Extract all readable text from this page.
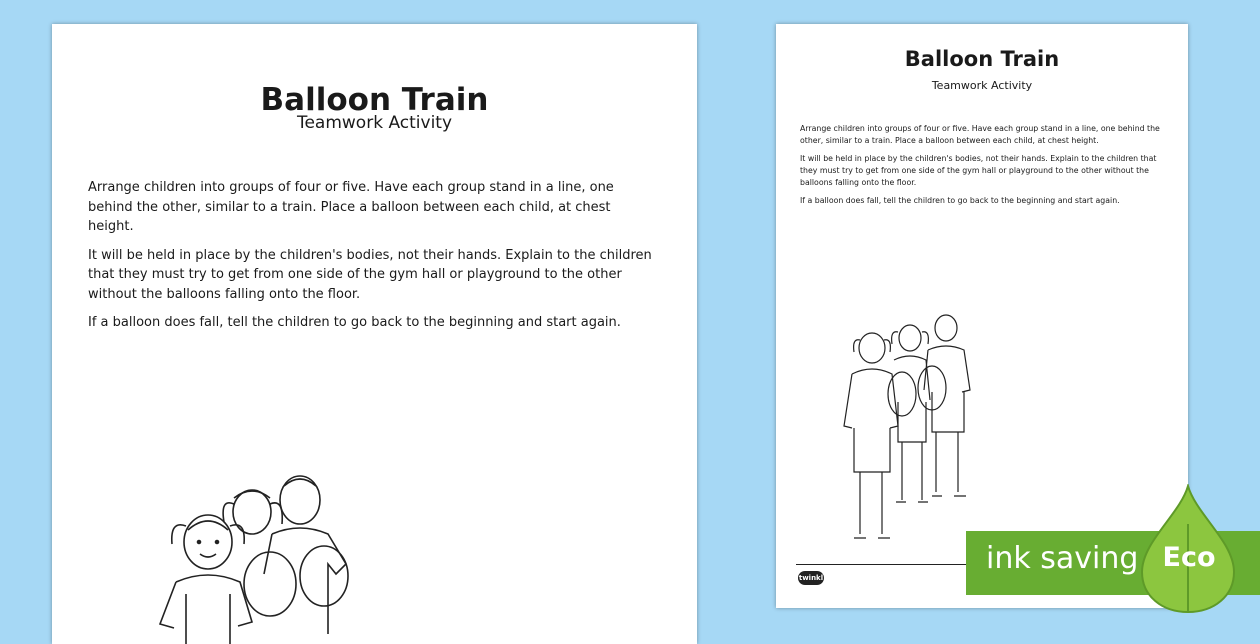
Balloon Train
Teamwork Activity

Arrange children into groups of four or five. Have each group stand in a line, one behind the other, similar to a train. Place a balloon between each child, at chest height.

It will be held in place by the children's bodies, not their hands. Explain to the children that they must try to get from one side of the gym hall or playground to the other without the balloons falling onto the floor.

If a balloon does fall, tell the children to go back to the beginning and start again.

Balloon Train
Teamwork Activity

Arrange children into groups of four or five. Have each group stand in a line, one behind the other, similar to a train. Place a balloon between each child, at chest height.

It will be held in place by the children's bodies, not their hands. Explain to the children that they must try to get from one side of the gym hall or playground to the other without the balloons falling onto the floor.

If a balloon does fall, tell the children to go back to the beginning and start again.

twinkl
ink saving Eco
